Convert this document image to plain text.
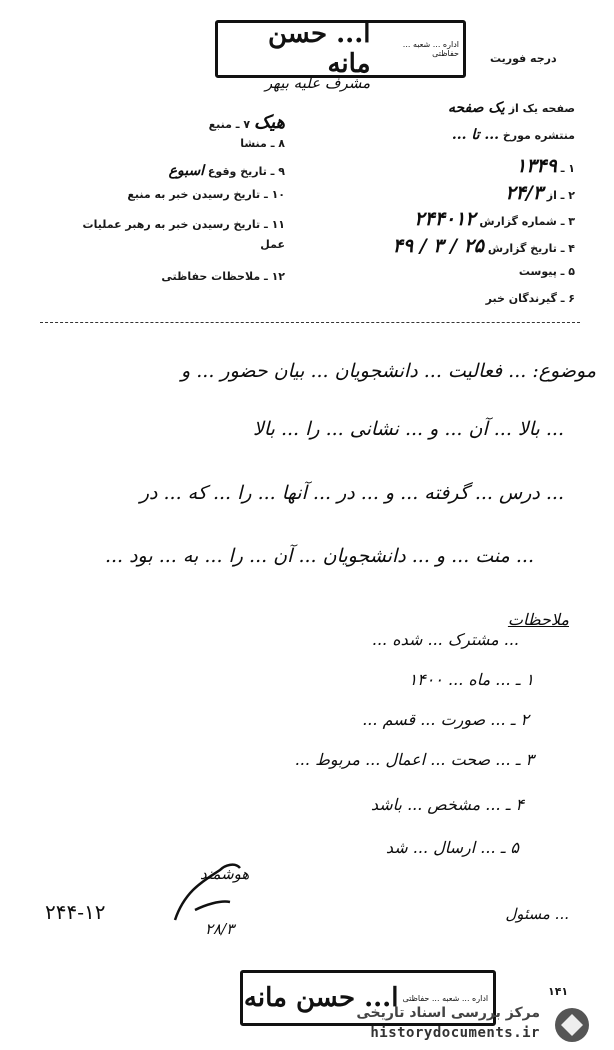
درجه فوریت
اداره ... شعبه ... حفاظتی
ا... حسن مانه
مشرف علیه بیهر
صفحه یک از یک صفحه
منتشره مورخ ... تا ...
۱ ـ ۱۳۴۹
۲ ـ از ۲۴/۳
۳ ـ شماره گزارش ۲۴۴۰۱۲
۴ ـ تاریخ گزارش ۲۵ / ۳ / ۴۹
۵ ـ پیوست
۶ ـ گیرندگان خبر
هیک ۷ ـ منبع
۸ ـ منشا
۹ ـ تاریخ وقوع اسبوع
۱۰ ـ تاریخ رسیدن خبر به منبع
۱۱ ـ تاریخ رسیدن خبر به رهبر عملیات
عمل
۱۲ ـ ملاحظات حفاظتی
موضوع: ... فعالیت ... دانشجویان ... بیان حضور ... و
... بالا ... آن ... و ... نشانی ... را ... بالا
... درس ... گرفته ... و ... در ... آنها ... را ... که ... در
... منت ... و ... دانشجویان ... آن ... را ... به ... بود ...
ملاحظات
... مشترک ... شده ...
۱ ـ ... ماه ... ۱۴۰۰
۲ ـ ... صورت ... قسم ...
۳ ـ ... صحت ... اعمال ... مربوط ...
۴ ـ ... مشخص ... باشد
۵ ـ ... ارسال ... شد
۲۴۴-۱۲
هوشمند
۲۸/۳
... مسئول
اداره ... شعبه ... حفاظتی
ا... حسن مانه	۱۴۱
مرکز بررسی اسناد تاریخی
historydocuments.ir
